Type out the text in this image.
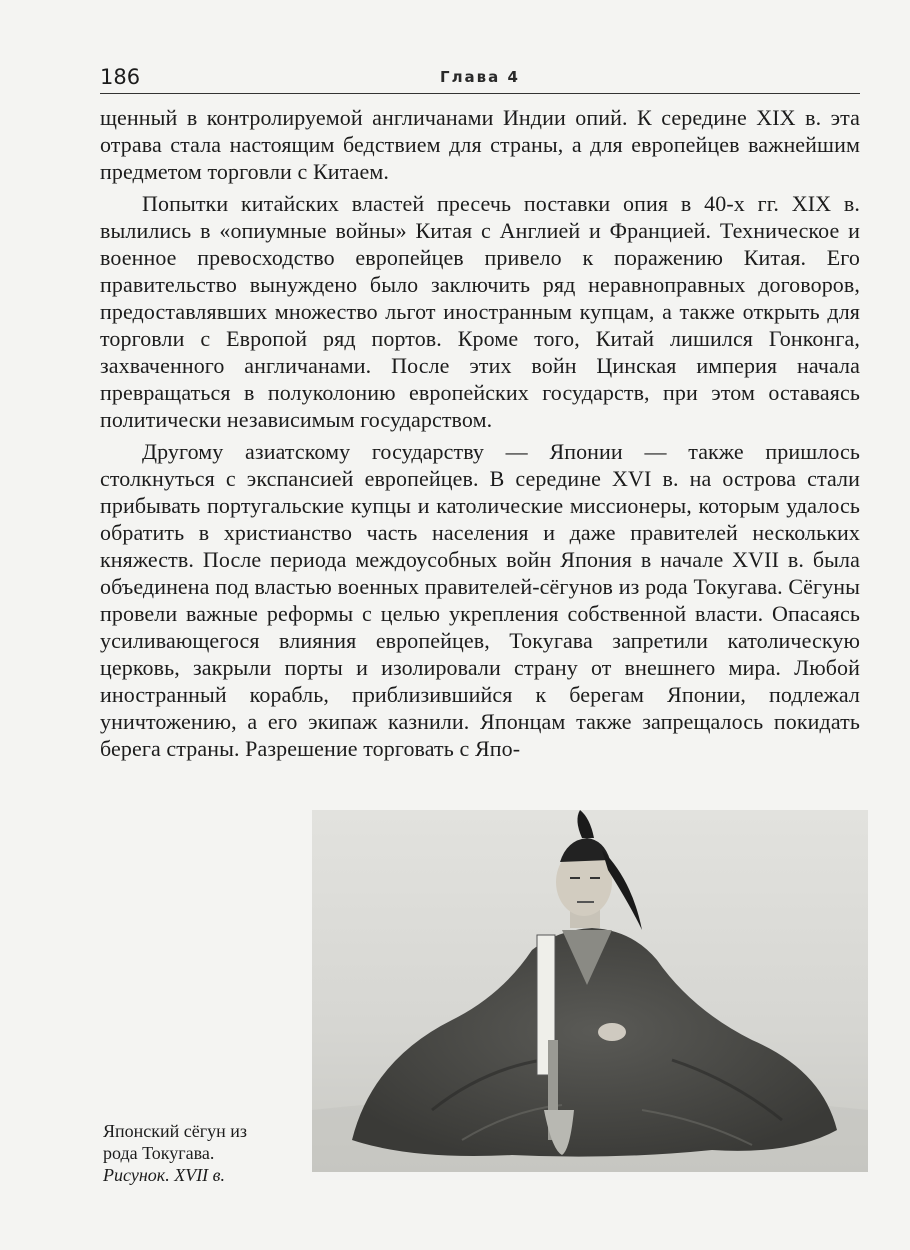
186	Глава 4

щенный в контролируемой англичанами Индии опий. К середине XIX в. эта отрава стала настоящим бедствием для страны, а для европейцев важнейшим предметом торговли с Китаем.

Попытки китайских властей пресечь поставки опия в 40-х гг. XIX в. вылились в «опиумные войны» Китая с Англией и Францией. Техническое и военное превосходство европейцев привело к поражению Китая. Его правительство вынуждено было заключить ряд неравноправных договоров, предоставлявших множество льгот иностранным купцам, а также открыть для торговли с Европой ряд портов. Кроме того, Китай лишился Гонконга, захваченного англичанами. После этих войн Цинская империя начала превращаться в полуколонию европейских государств, при этом оставаясь политически независимым государством.

Другому азиатскому государству — Японии — также пришлось столкнуться с экспансией европейцев. В середине XVI в. на острова стали прибывать португальские купцы и католические миссионеры, которым удалось обратить в христианство часть населения и даже правителей нескольких княжеств. После периода междоусобных войн Япония в начале XVII в. была объединена под властью военных правителей-сёгунов из рода Токугава. Сёгуны провели важные реформы с целью укрепления собственной власти. Опасаясь усиливающегося влияния европейцев, Токугава запретили католическую церковь, закрыли порты и изолировали страну от внешнего мира. Любой иностранный корабль, приблизившийся к берегам Японии, подлежал уничтожению, а его экипаж казнили. Японцам также запрещалось покидать берега страны. Разрешение торговать с Япо-

Японский сёгун из
рода Токугава.
Рисунок. XVII в.
